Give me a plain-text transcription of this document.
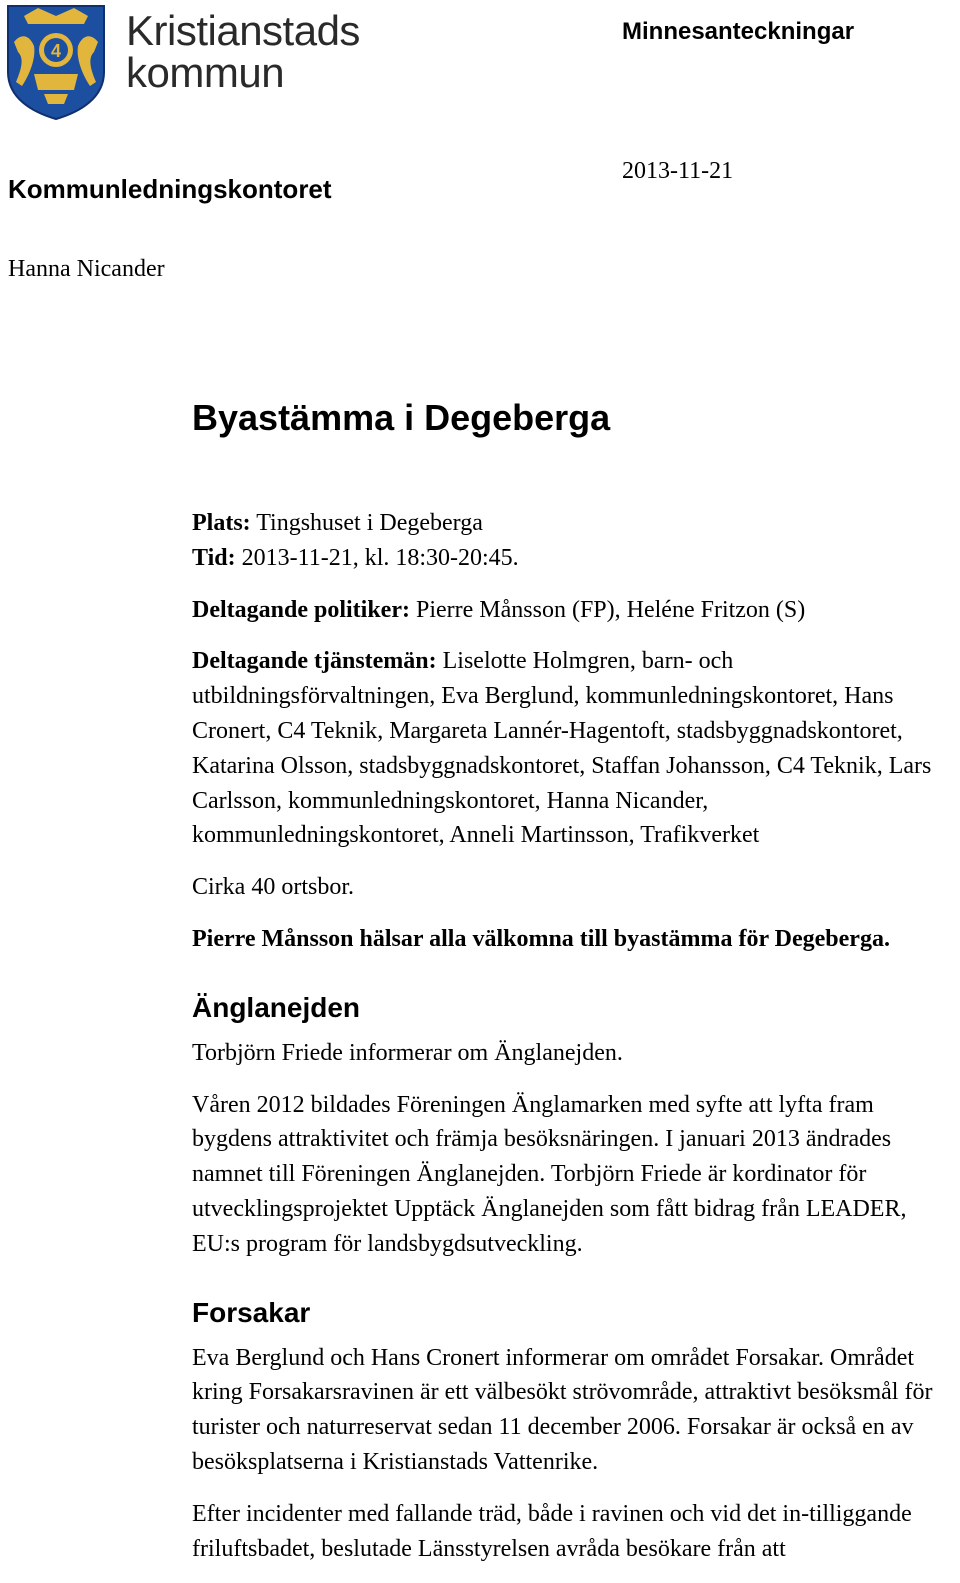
4 Kristianstads
kommun
Minnesanteckningar
2013-11-21
Kommunledningskontoret
Hanna Nicander
Byastämma i Degeberga

Plats: Tingshuset i Degeberga

Tid: 2013-11-21, kl. 18:30-20:45.

Deltagande politiker: Pierre Månsson (FP), Heléne Fritzon (S)

Deltagande tjänstemän: Liselotte Holmgren, barn- och utbildningsförvaltningen, Eva Berglund, kommunledningskontoret, Hans Cronert, C4 Teknik, Margareta Lannér-Hagentoft, stadsbyggnadskontoret, Katarina Olsson, stadsbyggnadskontoret, Staffan Johansson, C4 Teknik, Lars Carlsson, kommunledningskontoret, Hanna Nicander, kommunledningskontoret, Anneli Martinsson, Trafikverket

Cirka 40 ortsbor.

Pierre Månsson hälsar alla välkomna till byastämma för Degeberga.

Änglanejden

Torbjörn Friede informerar om Änglanejden.

Våren 2012 bildades Föreningen Änglamarken med syfte att lyfta fram bygdens attraktivitet och främja besöksnäringen. I januari 2013 ändrades namnet till Föreningen Änglanejden. Torbjörn Friede är kordinator för utvecklingsprojektet Upptäck Änglanejden som fått bidrag från LEADER, EU:s program för landsbygdsutveckling.

Forsakar

Eva Berglund och Hans Cronert informerar om området Forsakar. Området kring Forsakarsravinen är ett välbesökt strövområde, attraktivt besöksmål för turister och naturreservat sedan 11 december 2006. Forsakar är också en av besöksplatserna i Kristianstads Vattenrike.

Efter incidenter med fallande träd, både i ravinen och vid det in-tilliggande friluftsbadet, beslutade Länsstyrelsen avråda besökare från att
